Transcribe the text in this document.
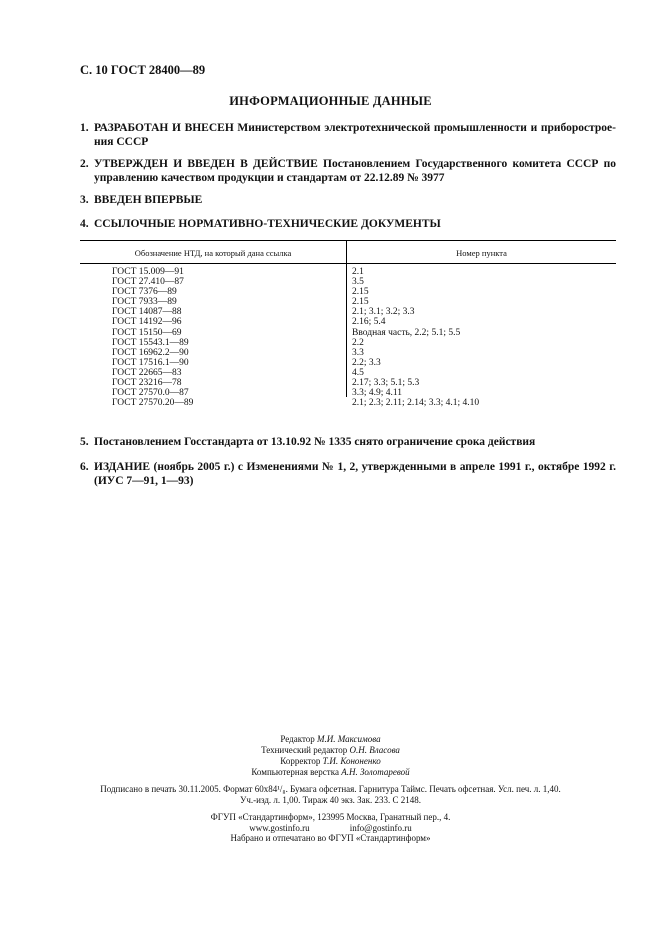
С. 10 ГОСТ 28400—89
ИНФОРМАЦИОННЫЕ ДАННЫЕ
1. РАЗРАБОТАН И ВНЕСЕН Министерством электротехнической промышленности и приборострое-ния СССР
2. УТВЕРЖДЕН И ВВЕДЕН В ДЕЙСТВИЕ Постановлением Государственного комитета СССР по управлению качеством продукции и стандартам от 22.12.89 № 3977
3. ВВЕДЕН ВПЕРВЫЕ
4. ССЫЛОЧНЫЕ НОРМАТИВНО-ТЕХНИЧЕСКИЕ ДОКУМЕНТЫ
Обозначение НТД, на который дана ссылка	Номер пункта
ГОСТ 15.009—91	2.1
ГОСТ 27.410—87	3.5
ГОСТ 7376—89	2.15
ГОСТ 7933—89	2.15
ГОСТ 14087—88	2.1; 3.1; 3.2; 3.3
ГОСТ 14192—96	2.16; 5.4
ГОСТ 15150—69	Вводная часть, 2.2; 5.1; 5.5
ГОСТ 15543.1—89	2.2
ГОСТ 16962.2—90	3.3
ГОСТ 17516.1—90	2.2; 3.3
ГОСТ 22665—83	4.5
ГОСТ 23216—78	2.17; 3.3; 5.1; 5.3
ГОСТ 27570.0—87	3.3; 4.9; 4.11
ГОСТ 27570.20—89	2.1; 2.3; 2.11; 2.14; 3.3; 4.1; 4.10
5. Постановлением Госстандарта от 13.10.92 № 1335 снято ограничение срока действия
6. ИЗДАНИЕ (ноябрь 2005 г.) с Изменениями № 1, 2, утвержденными в апреле 1991 г., октябре 1992 г. (ИУС 7—91, 1—93)
Редактор М.И. Максимова
Технический редактор О.Н. Власова
Корректор Т.И. Кононенко
Компьютерная верстка А.Н. Золотаревой
Подписано в печать 30.11.2005. Формат 60х84¹/₈. Бумага офсетная. Гарнитура Таймс. Печать офсетная. Усл. печ. л. 1,40.
Уч.-изд. л. 1,00. Тираж 40 экз. Зак. 233. С 2148.
ФГУП «Стандартинформ», 123995 Москва, Гранатный пер., 4.
www.gostinfo.ru	info@gostinfo.ru
Набрано и отпечатано во ФГУП «Стандартинформ»
